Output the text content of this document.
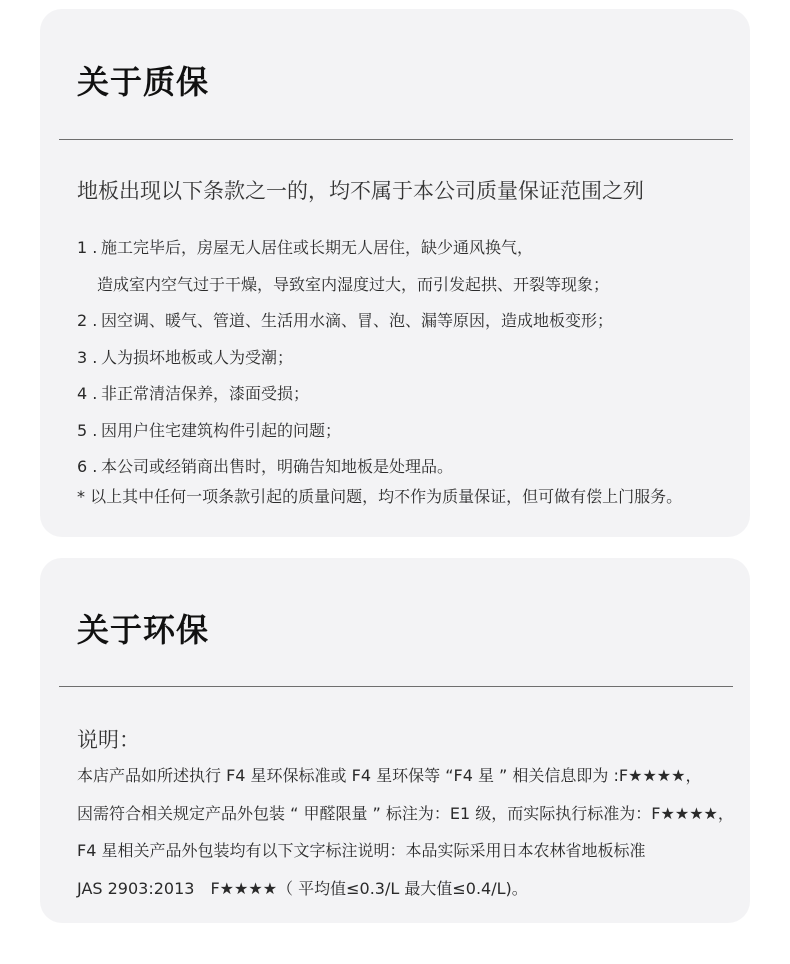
关于质保
地板出现以下条款之一的，均不属于本公司质量保证范围之列
1 . 施工完毕后，房屋无人居住或长期无人居住，缺少通风换气，
造成室内空气过于干燥，导致室内湿度过大，而引发起拱、开裂等现象；
2 . 因空调、暖气、管道、生活用水滴、冒、泡、漏等原因，造成地板变形；
3 . 人为损坏地板或人为受潮；
4 . 非正常清洁保养，漆面受损；
5 . 因用户住宅建筑构件引起的问题；
6 . 本公司或经销商出售时，明确告知地板是处理品。
* 以上其中任何一项条款引起的质量问题，均不作为质量保证，但可做有偿上门服务。
关于环保
说明：
本店产品如所述执行 F4 星环保标准或 F4 星环保等 “F4 星 ” 相关信息即为 :F★★★★，
因需符合相关规定产品外包装 “ 甲醛限量 ” 标注为：E1 级，而实际执行标准为：F★★★★，
F4 星相关产品外包装均有以下文字标注说明：本品实际采用日本农林省地板标准
JAS 2903:2013　F★★★★（ 平均值≤0.3/L 最大值≤0.4/L)。
